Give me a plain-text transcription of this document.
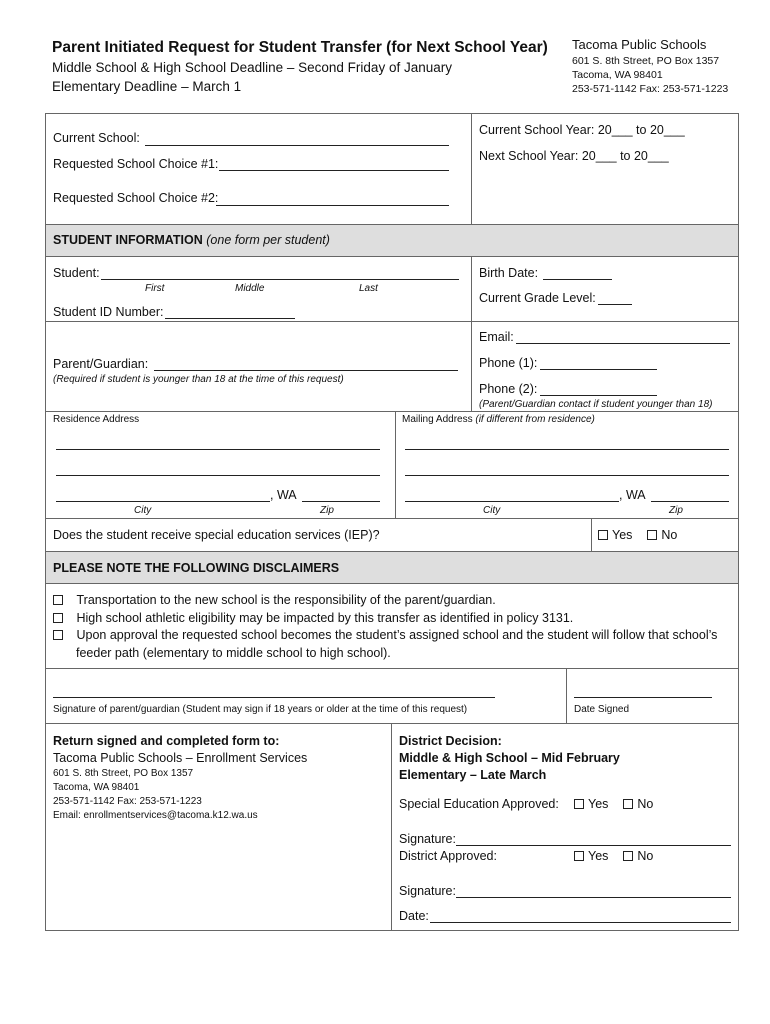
Parent Initiated Request for Student Transfer (for Next School Year)
Middle School & High School Deadline – Second Friday of January
Elementary Deadline – March 1
Tacoma Public Schools
601 S. 8th Street, PO Box 1357
Tacoma, WA 98401
253-571-1142 Fax: 253-571-1223
Current School:
Requested School Choice #1:
Requested School Choice #2:
Current School Year: 20___ to 20___
Next School Year: 20___ to 20___
STUDENT INFORMATION (one form per student)
Student:
First	Middle	Last
Student ID Number:
Birth Date:
Current Grade Level:
Parent/Guardian:
(Required if student is younger than 18 at the time of this request)
Email:
Phone (1):
Phone (2):
(Parent/Guardian contact if student younger than 18)
Residence Address
, WA
City	Zip
Mailing Address (if different from residence)
, WA
City	Zip
Does the student receive special education services (IEP)?	Yes No
PLEASE NOTE THE FOLLOWING DISCLAIMERS
Transportation to the new school is the responsibility of the parent/guardian.
High school athletic eligibility may be impacted by this transfer as identified in policy 3131.
Upon approval the requested school becomes the student’s assigned school and the student will follow that school’s
feeder path (elementary to middle school to high school).
Signature of parent/guardian (Student may sign if 18 years or older at the time of this request)	Date Signed
Return signed and completed form to:
Tacoma Public Schools – Enrollment Services
601 S. 8th Street, PO Box 1357
Tacoma, WA 98401
253-571-1142 Fax: 253-571-1223
Email: enrollmentservices@tacoma.k12.wa.us
District Decision:
Middle & High School – Mid February
Elementary – Late March
Special Education Approved:	Yes No
Signature:
District Approved:	Yes No
Signature:
Date:
